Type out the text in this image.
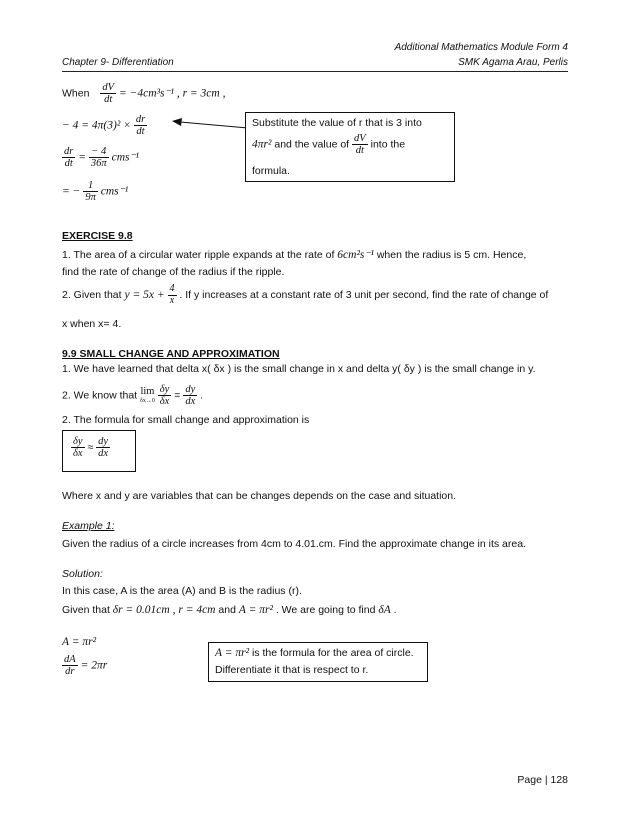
Additional Mathematics Module Form 4
Chapter 9- Differentiation	SMK Agama Arau, Perlis
When $\frac{dV}{dt} = -4cm^3s^{-1}$ , r = 3cm ,
− $4 = 4\pi(3)^2 \times \frac{dr}{dt}$
$\frac{dr}{dt} = \frac{- 4}{36\pi} cms^{-1}$
= − $\frac{1}{9\pi} cms^{-1}$
Substitute the value of r that is 3 into
4πr² and the value of $\frac{dV}{dt}$ into the
formula.
EXERCISE 9.8
1. The area of a circular water ripple expands at the rate of 6cm²s⁻¹ when the radius is 5 cm. Hence,
find the rate of change of the radius if the ripple.
2. Given that $y = 5x + \frac{4}{x}$ . If y increases at a constant rate of 3 unit per second, find the rate of change of
x when x= 4.
9.9 SMALL CHANGE AND APPROXIMATION
1. We have learned that delta x( δx ) is the small change in x and delta y( δy ) is the small change in y.
2. We know that lim
δx→0
$\frac{\delta y}{\delta x} = \frac{dy}{dx}$ .
2. The formula for small change and approximation is
$\frac{\delta y}{\delta x} \approx \frac{dy}{dx}$
Where x and y are variables that can be changes depends on the case and situation.
Example 1:
Given the radius of a circle increases from 4cm to 4.01.cm. Find the approximate change in its area.
Solution:
In this case, A is the area (A) and B is the radius (r).
Given that δr = 0.01cm , r = 4cm and A = πr² . We are going to find δA .
A = πr²
$\frac{dA}{dr} = 2\pi r$
A = πr² is the formula for the area of circle.
Differentiate it that is respect to r.
Page | 128
